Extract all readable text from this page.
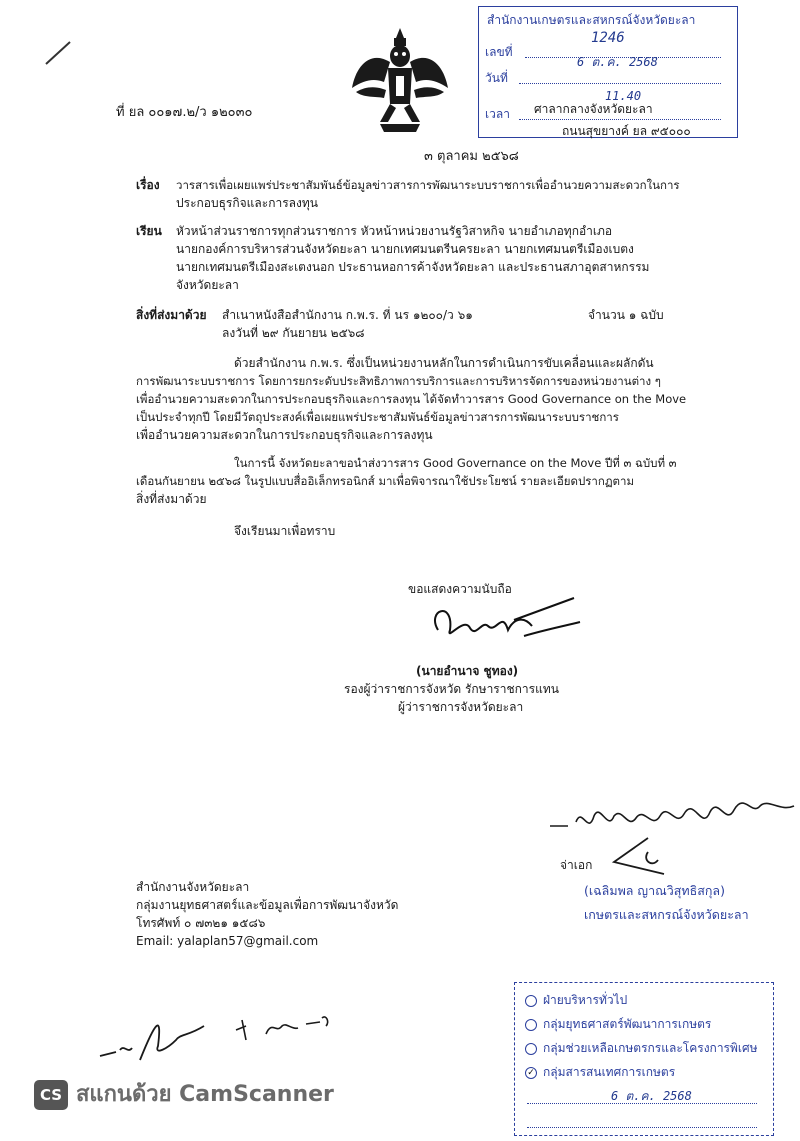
สำนักงานเกษตรและสหกรณ์จังหวัดยะลา
เลขที่
1246
วันที่
6 ต.ค. 2568
เวลา
11.40
ศาลากลางจังหวัดยะลา
ถนนสุขยางค์ ยล ๙๕๐๐๐
ที่ ยล ๐๐๑๗.๒/ว ๑๒๐๓๐
๓ ตุลาคม ๒๕๖๘
เรื่อง วารสารเพื่อเผยแพร่ประชาสัมพันธ์ข้อมูลข่าวสารการพัฒนาระบบราชการเพื่ออำนวยความสะดวกในการ
ประกอบธุรกิจและการลงทุน
เรียน หัวหน้าส่วนราชการทุกส่วนราชการ หัวหน้าหน่วยงานรัฐวิสาหกิจ นายอำเภอทุกอำเภอ
นายกองค์การบริหารส่วนจังหวัดยะลา นายกเทศมนตรีนครยะลา นายกเทศมนตรีเมืองเบตง
นายกเทศมนตรีเมืองสะเตงนอก ประธานหอการค้าจังหวัดยะลา และประธานสภาอุตสาหกรรม
จังหวัดยะลา
สิ่งที่ส่งมาด้วย สำเนาหนังสือสำนักงาน ก.พ.ร. ที่ นร ๑๒๐๐/ว ๖๑
ลงวันที่ ๒๙ กันยายน ๒๕๖๘
จำนวน ๑ ฉบับ
ด้วยสำนักงาน ก.พ.ร. ซึ่งเป็นหน่วยงานหลักในการดำเนินการขับเคลื่อนและผลักดัน
การพัฒนาระบบราชการ โดยการยกระดับประสิทธิภาพการบริการและการบริหารจัดการของหน่วยงานต่าง ๆ
เพื่ออำนวยความสะดวกในการประกอบธุรกิจและการลงทุน ได้จัดทำวารสาร Good Governance on the Move
เป็นประจำทุกปี โดยมีวัตถุประสงค์เพื่อเผยแพร่ประชาสัมพันธ์ข้อมูลข่าวสารการพัฒนาระบบราชการ
เพื่ออำนวยความสะดวกในการประกอบธุรกิจและการลงทุน
ในการนี้ จังหวัดยะลาขอนำส่งวารสาร Good Governance on the Move ปีที่ ๓ ฉบับที่ ๓
เดือนกันยายน ๒๕๖๘ ในรูปแบบสื่ออิเล็กทรอนิกส์ มาเพื่อพิจารณาใช้ประโยชน์ รายละเอียดปรากฏตาม
สิ่งที่ส่งมาด้วย
จึงเรียนมาเพื่อทราบ
ขอแสดงความนับถือ
(นายอำนาจ ชูทอง)
รองผู้ว่าราชการจังหวัด รักษาราชการแทน
ผู้ว่าราชการจังหวัดยะลา
สำนักงานจังหวัดยะลา
กลุ่มงานยุทธศาสตร์และข้อมูลเพื่อการพัฒนาจังหวัด
โทรศัพท์ ๐ ๗๓๒๑ ๑๕๘๖
Email: yalaplan57@gmail.com
จ่าเอก
(เฉลิมพล ญาณวิสุทธิสกุล)
เกษตรและสหกรณ์จังหวัดยะลา
ฝ่ายบริหารทั่วไป
กลุ่มยุทธศาสตร์พัฒนาการเกษตร
กลุ่มช่วยเหลือเกษตรกรและโครงการพิเศษ
✓ กลุ่มสารสนเทศการเกษตร
6 ต.ค. 2568
CS สแกนด้วย CamScanner
